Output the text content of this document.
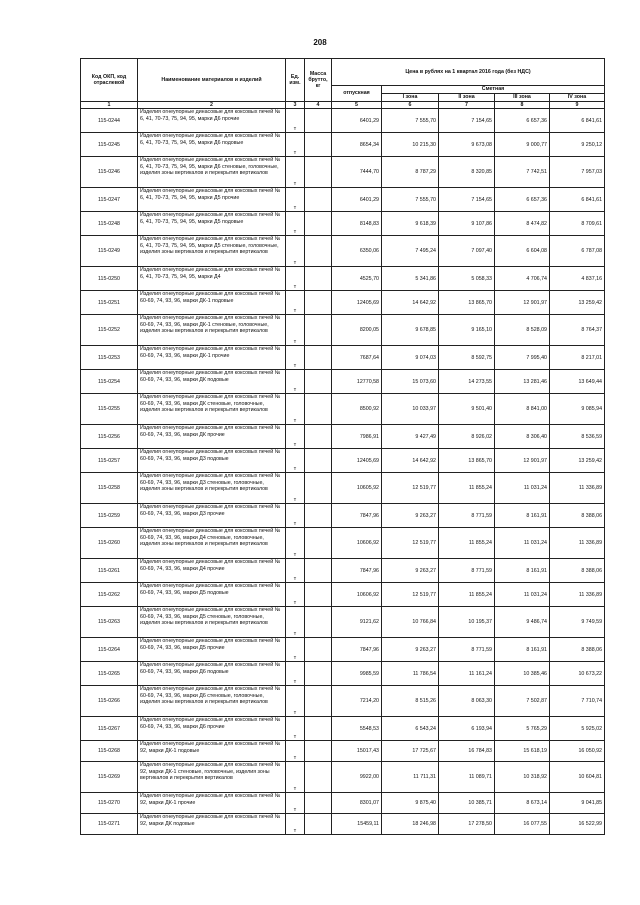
208
Код ОКП, код отраслевой	Наименование материалов и изделий	Ед. изм.	Масса брутто, кг	Цена в рублях на 1 квартал 2016 года (без НДС)				
				отпускная	Сметная			
					I зона	II зона	III зона	IV зона
1	2	3	4	5	6	7	8	9
115-0244	Изделия огнеупорные динасовые для коксовых печей № 6, 41, 70-73, 75, 94, 95, марки Д6 прочие	т		6401,29	7 555,70	7 154,65	6 657,36	6 841,61
115-0245	Изделия огнеупорные динасовые для коксовых печей № 6, 41, 70-73, 75, 94, 95, марки Д6 подовые	т		8654,34	10 215,30	9 673,08	9 000,77	9 250,12
115-0246	Изделия огнеупорные динасовые для коксовых печей № 6, 41, 70-73, 75, 94, 95, марки Д6 стеновые, головочные, изделия зоны вертикалов и перекрытия вертикалов	т		7444,70	8 787,29	8 320,85	7 742,51	7 957,03
115-0247	Изделия огнеупорные динасовые для коксовых печей № 6, 41, 70-73, 75, 94, 95, марки Д5 прочие	т		6401,29	7 555,70	7 154,65	6 657,36	6 841,61
115-0248	Изделия огнеупорные динасовые для коксовых печей № 6, 41, 70-73, 75, 94, 95, марки Д5 подовые	т		8148,83	9 618,39	9 107,86	8 474,82	8 709,61
115-0249	Изделия огнеупорные динасовые для коксовых печей № 6, 41, 70-73, 75, 94, 95, марки Д5 стеновые, головочные, изделия зоны вертикалов и перекрытия вертикалов	т		6350,06	7 495,24	7 097,40	6 604,08	6 787,08
115-0250	Изделия огнеупорные динасовые для коксовых печей № 6, 41, 70-73, 75, 94, 95, марки Д4	т		4525,70	5 341,86	5 058,33	4 706,74	4 837,16
115-0251	Изделия огнеупорные динасовые для коксовых печей № 60-69, 74, 93, 96, марки ДК-1 подовые	т		12405,69	14 642,92	13 865,70	12 901,97	13 259,42
115-0252	Изделия огнеупорные динасовые для коксовых печей № 60-69, 74, 93, 96, марки ДК-1 стеновые, головочные, изделия зоны вертикалов и перекрытия вертикалов	т		8200,05	9 678,85	9 165,10	8 528,09	8 764,37
115-0253	Изделия огнеупорные динасовые для коксовых печей № 60-69, 74, 93, 96, марки ДК-1 прочие	т		7687,64	9 074,03	8 592,75	7 995,40	8 217,01
115-0254	Изделия огнеупорные динасовые для коксовых печей № 60-69, 74, 93, 96, марки ДК подовые	т		12770,58	15 073,60	14 273,55	13 281,46	13 649,44
115-0255	Изделия огнеупорные динасовые для коксовых печей № 60-69, 74, 93, 96, марки ДК стеновые, головочные, изделия зоны вертикалов и перекрытия вертикалов	т		8500,92	10 033,97	9 501,40	8 841,00	9 085,94
115-0256	Изделия огнеупорные динасовые для коксовых печей № 60-69, 74, 93, 96, марки ДК прочие	т		7986,91	9 427,49	8 926,02	8 306,40	8 536,59
115-0257	Изделия огнеупорные динасовые для коксовых печей № 60-69, 74, 93, 96, марки Д3 подовые	т		12405,69	14 642,92	13 865,70	12 901,97	13 259,42
115-0258	Изделия огнеупорные динасовые для коксовых печей № 60-69, 74, 93, 96, марки Д3 стеновые, головочные, изделия зоны вертикалов и перекрытия вертикалов	т		10605,92	12 519,77	11 855,24	11 031,24	11 336,89
115-0259	Изделия огнеупорные динасовые для коксовых печей № 60-69, 74, 93, 96, марки Д3 прочие	т		7847,96	9 263,27	8 771,59	8 161,91	8 388,06
115-0260	Изделия огнеупорные динасовые для коксовых печей № 60-69, 74, 93, 96, марки Д4 стеновые, головочные, изделия зоны вертикалов и перекрытия вертикалов	т		10606,92	12 519,77	11 855,24	11 031,24	11 336,89
115-0261	Изделия огнеупорные динасовые для коксовых печей № 60-69, 74, 93, 96, марки Д4 прочие	т		7847,96	9 263,27	8 771,59	8 161,91	8 388,06
115-0262	Изделия огнеупорные динасовые для коксовых печей № 60-69, 74, 93, 96, марки Д5 подовые	т		10606,92	12 519,77	11 855,24	11 031,24	11 336,89
115-0263	Изделия огнеупорные динасовые для коксовых печей № 60-69, 74, 93, 96, марки Д5 стеновые, головочные, изделия зоны вертикалов и перекрытия вертикалов	т		9121,62	10 766,84	10 195,37	9 486,74	9 749,59
115-0264	Изделия огнеупорные динасовые для коксовых печей № 60-69, 74, 93, 96, марки Д5 прочие	т		7847,96	9 263,27	8 771,59	8 161,91	8 388,06
115-0265	Изделия огнеупорные динасовые для коксовых печей № 60-69, 74, 93, 96, марки Д6 подовые	т		9985,59	11 786,54	11 161,24	10 385,46	10 673,22
115-0266	Изделия огнеупорные динасовые для коксовых печей № 60-69, 74, 93, 96, марки Д6 стеновые, головочные, изделия зоны вертикалов и перекрытия вертикалов	т		7214,20	8 515,26	8 063,30	7 502,87	7 710,74
115-0267	Изделия огнеупорные динасовые для коксовых печей № 60-69, 74, 93, 96, марки Д6 прочие	т		5548,53	6 543,24	6 193,94	5 765,29	5 925,02
115-0268	Изделия огнеупорные динасовые для коксовых печей № 92, марки ДК-1 подовые	т		15017,43	17 725,67	16 784,83	15 618,19	16 050,92
115-0269	Изделия огнеупорные динасовые для коксовых печей № 92, марки ДК-1 стеновые, головочные, изделия зоны вертикалов и перекрытия вертикалов	т		9922,00	11 711,31	11 089,71	10 318,92	10 604,81
115-0270	Изделия огнеупорные динасовые для коксовых печей № 92, марки ДК-1 прочие	т		8301,07	9 875,40	10 385,71	8 673,14	9 041,85
115-0271	Изделия огнеупорные динасовые для коксовых печей № 92, марки ДК подовые	т		15459,11	18 246,98	17 278,50	16 077,55	16 522,99
